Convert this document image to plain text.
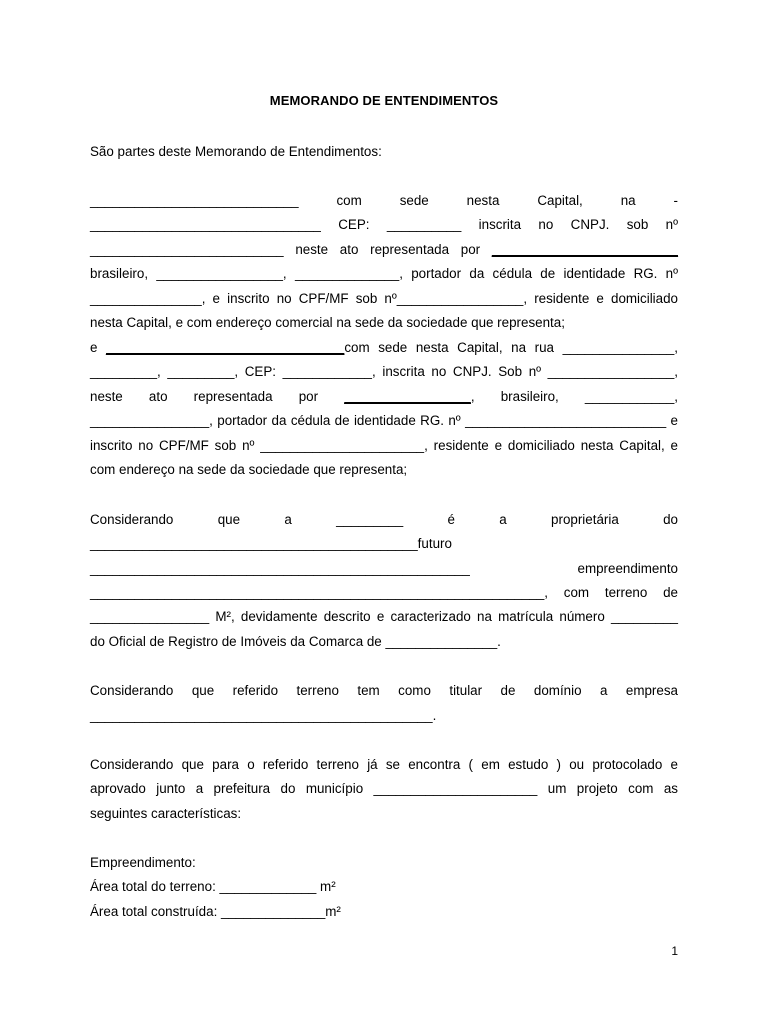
MEMORANDO DE ENTENDIMENTOS
São partes deste Memorando de Entendimentos:
____________________________ com sede nesta Capital, na -
_______________________________ CEP: __________ inscrita no CNPJ. sob nº
__________________________ neste ato representada por _________________________
brasileiro, _________________, ______________, portador da cédula de identidade RG. nº
_______________, e inscrito no CPF/MF sob nº_________________, residente e domiciliado
nesta Capital, e com endereço comercial na sede da sociedade que representa;
e ________________________________com sede nesta Capital, na rua _______________,
_________, _________, CEP: ____________, inscrita no CNPJ. Sob nº _________________,
neste ato representada por _________________, brasileiro, ____________,
________________, portador da cédula de identidade RG. nº ___________________________ e
inscrito no CPF/MF sob nº ______________________, residente e domiciliado nesta Capital, e
com endereço na sede da sociedade que representa;
Considerando que a _________ é a proprietária do
____________________________________________futuro
___________________________________________________ empreendimento
_____________________________________________________________, com terreno de
________________ M², devidamente descrito e caracterizado na matrícula número _________
do Oficial de Registro de Imóveis da Comarca de _______________.
Considerando que referido terreno tem como titular de domínio a empresa
______________________________________________.
Considerando que para o referido terreno já se encontra ( em estudo ) ou protocolado e
aprovado junto a prefeitura do município ______________________ um projeto com as
seguintes características:
Empreendimento:
Área total do terreno: _____________ m²
Área total construída: ______________m²
1
